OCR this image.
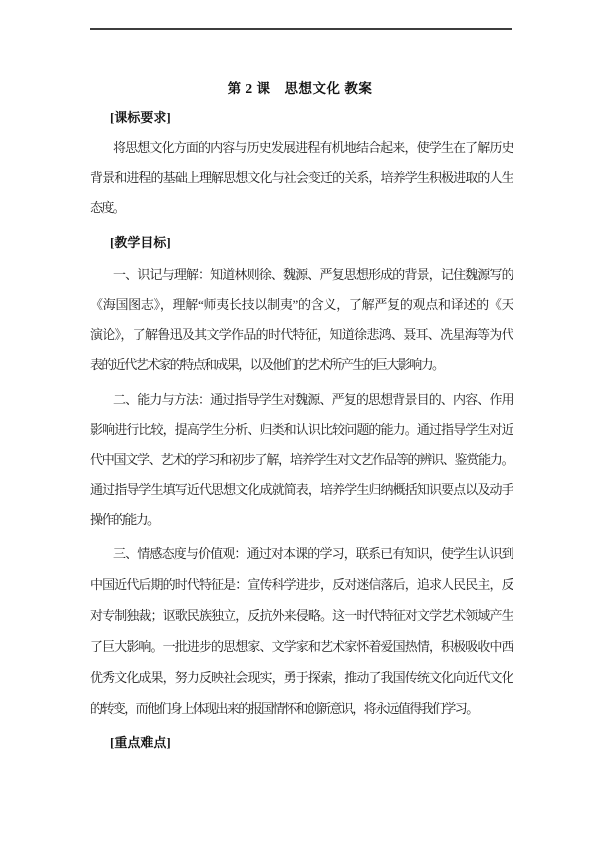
第 2 课　思想文化 教案
[课标要求]
将思想文化方面的内容与历史发展进程有机地结合起来，使学生在了解历史
背景和进程的基础上理解思想文化与社会变迁的关系，培养学生积极进取的人生
态度。
[教学目标]
一、识记与理解：知道林则徐、魏源、严复思想形成的背景，记住魏源写的
《海国图志》，理解“师夷长技以制夷”的含义，了解严复的观点和译述的《天
演论》，了解鲁迅及其文学作品的时代特征，知道徐悲鸿、聂耳、冼星海等为代
表的近代艺术家的特点和成果，以及他们的艺术所产生的巨大影响力。
二、能力与方法：通过指导学生对魏源、严复的思想背景目的、内容、作用
影响进行比较，提高学生分析、归类和认识比较问题的能力。通过指导学生对近
代中国文学、艺术的学习和初步了解，培养学生对文艺作品等的辨识、鉴赏能力。
通过指导学生填写近代思想文化成就简表，培养学生归纳概括知识要点以及动手
操作的能力。
三、情感态度与价值观：通过对本课的学习，联系已有知识，使学生认识到
中国近代后期的时代特征是：宣传科学进步，反对迷信落后，追求人民民主，反
对专制独裁；讴歌民族独立，反抗外来侵略。这一时代特征对文学艺术领域产生
了巨大影响。一批进步的思想家、文学家和艺术家怀着爱国热情，积极吸收中西
优秀文化成果，努力反映社会现实，勇于探索，推动了我国传统文化向近代文化
的转变，而他们身上体现出来的报国情怀和创新意识，将永远值得我们学习。
[重点难点]
